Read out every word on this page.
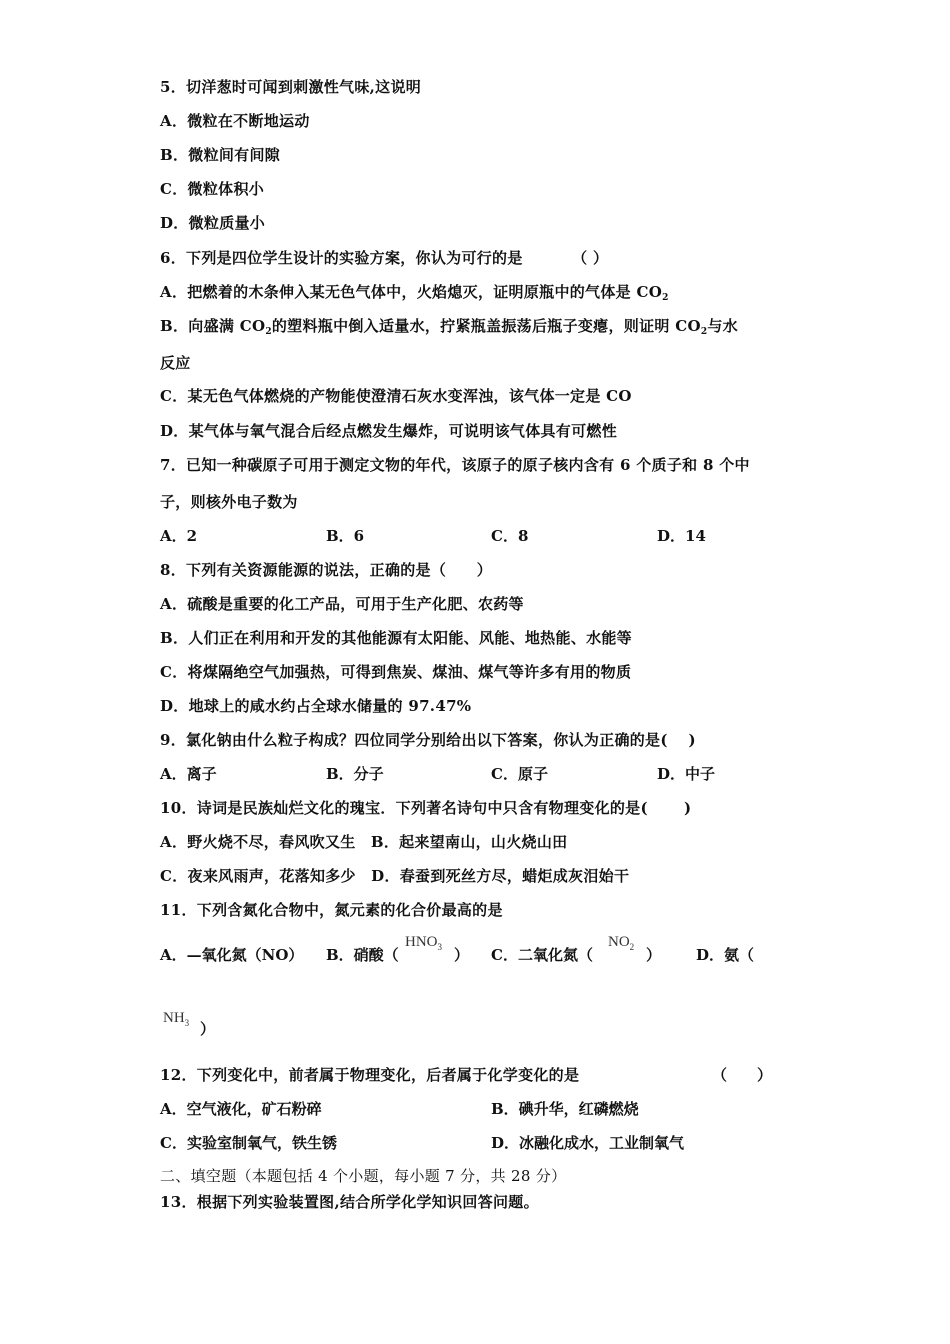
5．切洋葱时可闻到刺激性气味,这说明
A．微粒在不断地运动
B．微粒间有间隙
C．微粒体积小
D．微粒质量小
6．下列是四位学生设计的实验方案，你认为可行的是	（ ）
A．把燃着的木条伸入某无色气体中，火焰熄灭，证明原瓶中的气体是 $CO_2$
B．向盛满 $CO_2$的塑料瓶中倒入适量水，拧紧瓶盖振荡后瓶子变瘪，则证明 $CO_2$与水
反应
C．某无色气体燃烧的产物能使澄清石灰水变浑浊，该气体一定是 CO
D．某气体与氧气混合后经点燃发生爆炸，可说明该气体具有可燃性
7．已知一种碳原子可用于测定文物的年代，该原子的原子核内含有 6 个质子和 8 个中
子，则核外电子数为
A．2	B．6	C．8	D．14
8．下列有关资源能源的说法，正确的是（　　）
A．硫酸是重要的化工产品，可用于生产化肥、农药等
B．人们正在利用和开发的其他能源有太阳能、风能、地热能、水能等
C．将煤隔绝空气加强热，可得到焦炭、煤油、煤气等许多有用的物质
D．地球上的咸水约占全球水储量的 97.47%
9．氯化钠由什么粒子构成？四位同学分别给出以下答案，你认为正确的是(　 )
A．离子	B．分子	C．原子	D．中子
10．诗词是民族灿烂文化的瑰宝．下列著名诗句中只含有物理变化的是(　　 )
A．野火烧不尽，春风吹又生　B．起来望南山，山火烧山田
C．夜来风雨声，花落知多少　D．春蚕到死丝方尽，蜡炬成灰泪始干
11．下列含氮化合物中，氮元素的化合价最高的是
A．—氧化氮（NO） B．硝酸（
$HNO_3$ ） C．二氧化氮（
$NO_2$ ） D．氨（
$NH_3$ ）
12．下列变化中，前者属于物理变化，后者属于化学变化的是	（　　）
A．空气液化，矿石粉碎	B．碘升华，红磷燃烧
C．实验室制氧气，铁生锈	D．冰融化成水，工业制氧气
二、填空题（本题包括 4 个小题，每小题 7 分，共 28 分）
13．根据下列实验装置图,结合所学化学知识回答问题。
